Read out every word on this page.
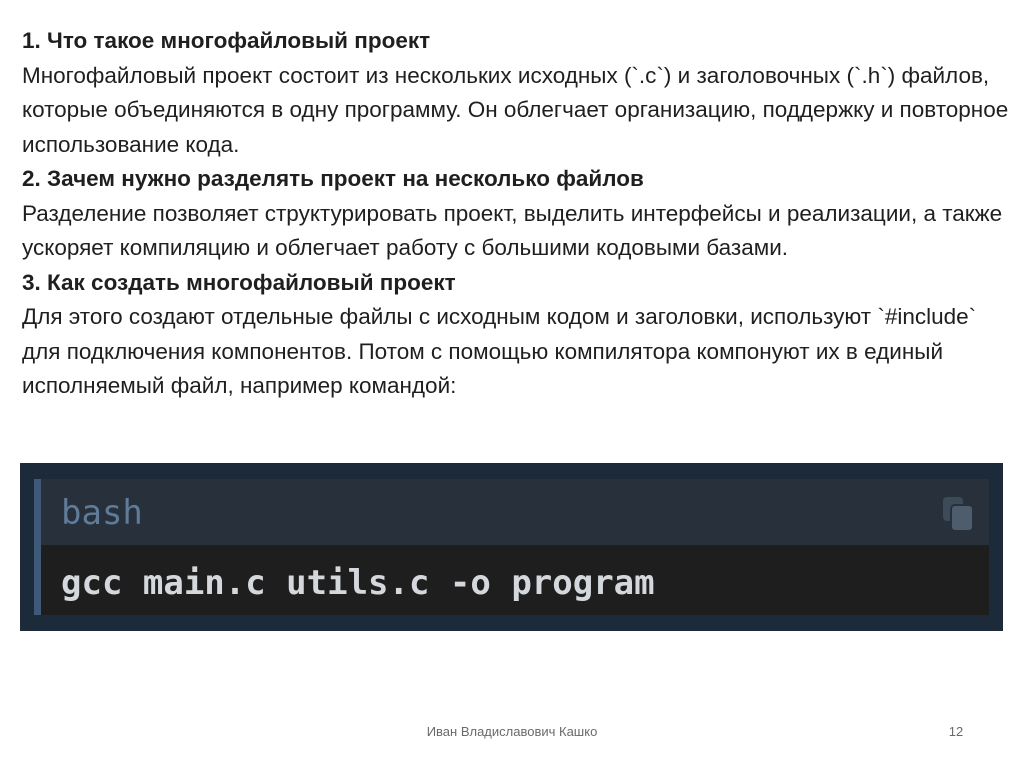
1. Что такое многофайловый проект

Многофайловый проект состоит из нескольких исходных (`.c`) и заголовочных (`.h`) файлов, которые объединяются в одну программу. Он облегчает организацию, поддержку и повторное использование кода.

2. Зачем нужно разделять проект на несколько файлов

Разделение позволяет структурировать проект, выделить интерфейсы и реализации, а также ускоряет компиляцию и облегчает работу с большими кодовыми базами.

3. Как создать многофайловый проект

Для этого создают отдельные файлы с исходным кодом и заголовки, используют `#include` для подключения компонентов. Потом с помощью компилятора компонуют их в единый исполняемый файл, например командой:

bash
gcc main.c utils.c -o program
Иван Владиславович Кашко	12
